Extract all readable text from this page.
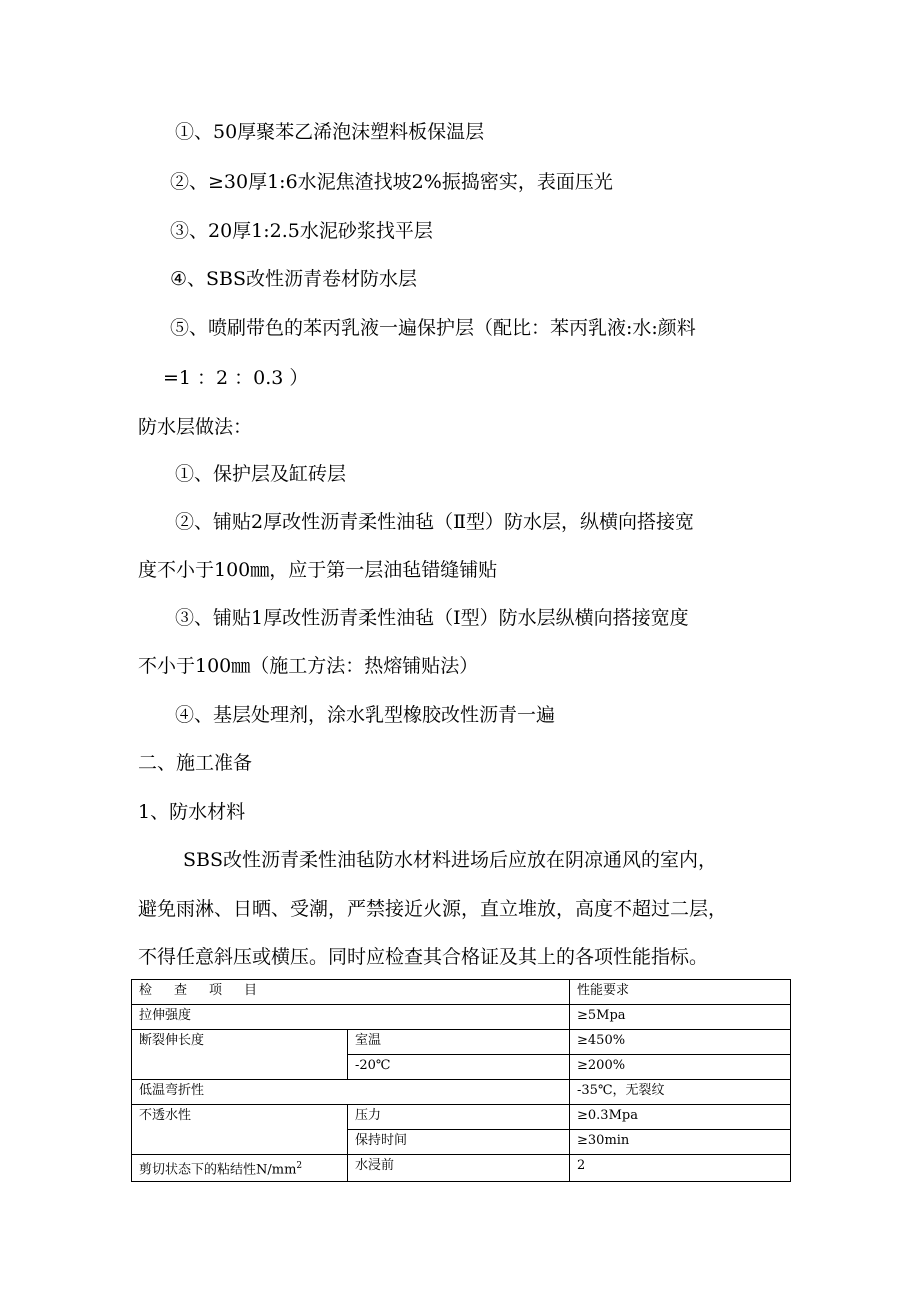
①、50厚聚苯乙浠泡沫塑料板保温层

②、≥30厚1:6水泥焦渣找坡2%振捣密实，表面压光

③、20厚1:2.5水泥砂浆找平层

④、SBS改性沥青卷材防水层

⑤、喷刷带色的苯丙乳液一遍保护层（配比：苯丙乳液:水:颜料

=1 ：2 ：0.3 ）

防水层做法：

①、保护层及缸砖层

②、铺贴2厚改性沥青柔性油毡（Ⅱ型）防水层，纵横向搭接宽

度不小于100㎜，应于第一层油毡错缝铺贴

③、铺贴1厚改性沥青柔性油毡（Ⅰ型）防水层纵横向搭接宽度

不小于100㎜（施工方法：热熔铺贴法）

④、基层处理剂，涂水乳型橡胶改性沥青一遍

二、施工准备

1、防水材料

SBS改性沥青柔性油毡防水材料进场后应放在阴凉通风的室内，

避免雨淋、日晒、受潮，严禁接近火源，直立堆放，高度不超过二层，

不得任意斜压或横压。同时应检查其合格证及其上的各项性能指标。

检查项目		性能要求
拉伸强度		≥5Mpa
断裂伸长度	室温	≥450%
	-20℃	≥200%
低温弯折性		-35℃，无裂纹
不透水性	压力	≥0.3Mpa
	保持时间	≥30min
剪切状态下的粘结性$N/mm^2$	水浸前	2
